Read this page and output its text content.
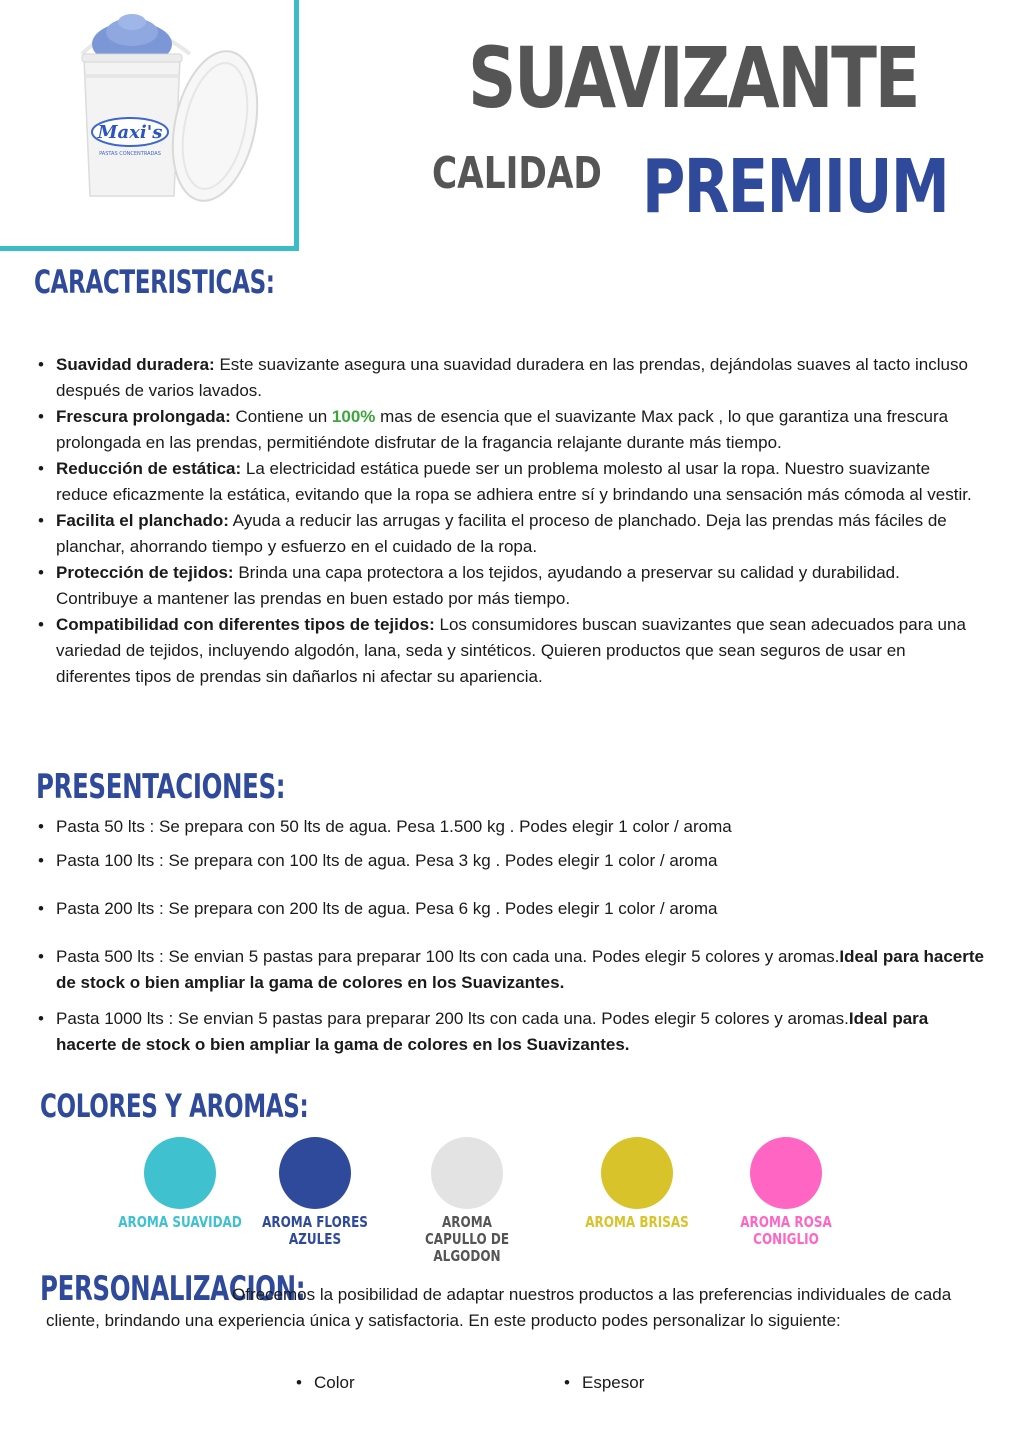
Maxi's
PASTAS CONCENTRADAS
SUAVIZANTE
CALIDAD PREMIUM
CARACTERISTICAS:
• Suavidad duradera: Este suavizante asegura una suavidad duradera en las prendas, dejándolas suaves al tacto incluso después de varios lavados.
• Frescura prolongada: Contiene un 100% mas de esencia que el suavizante Max pack , lo que garantiza una frescura prolongada en las prendas, permitiéndote disfrutar de la fragancia relajante durante más tiempo.
• Reducción de estática: La electricidad estática puede ser un problema molesto al usar la ropa. Nuestro suavizante reduce eficazmente la estática, evitando que la ropa se adhiera entre sí y brindando una sensación más cómoda al vestir.
• Facilita el planchado: Ayuda a reducir las arrugas y facilita el proceso de planchado. Deja las prendas más fáciles de planchar, ahorrando tiempo y esfuerzo en el cuidado de la ropa.
• Protección de tejidos: Brinda una capa protectora a los tejidos, ayudando a preservar su calidad y durabilidad. Contribuye a mantener las prendas en buen estado por más tiempo.
• Compatibilidad con diferentes tipos de tejidos: Los consumidores buscan suavizantes que sean adecuados para una variedad de tejidos, incluyendo algodón, lana, seda y sintéticos. Quieren productos que sean seguros de usar en diferentes tipos de prendas sin dañarlos ni afectar su apariencia.
PRESENTACIONES:
• Pasta 50 lts : Se prepara con 50 lts de agua. Pesa 1.500 kg . Podes elegir 1 color / aroma
• Pasta 100 lts : Se prepara con 100 lts de agua. Pesa 3 kg . Podes elegir 1 color / aroma
• Pasta 200 lts : Se prepara con 200 lts de agua. Pesa 6 kg . Podes elegir 1 color / aroma
• Pasta 500 lts : Se envian 5 pastas para preparar 100 lts con cada una. Podes elegir 5 colores y aromas.Ideal para hacerte de stock o bien ampliar la gama de colores en los Suavizantes.
• Pasta 1000 lts : Se envian 5 pastas para preparar 200 lts con cada una. Podes elegir 5 colores y aromas.Ideal para hacerte de stock o bien ampliar la gama de colores en los Suavizantes.
COLORES Y AROMAS:
AROMA SUAVIDAD	AROMA FLORES AZULES
AROMA CAPULLO DE ALGODON
AROMA BRISAS	AROMA ROSA CONIGLIO
PERSONALIZACION:
Ofrecemos la posibilidad de adaptar nuestros productos a las preferencias individuales de cada cliente, brindando una experiencia única y satisfactoria. En este producto podes personalizar lo siguiente:
• Color
•	Espesor
